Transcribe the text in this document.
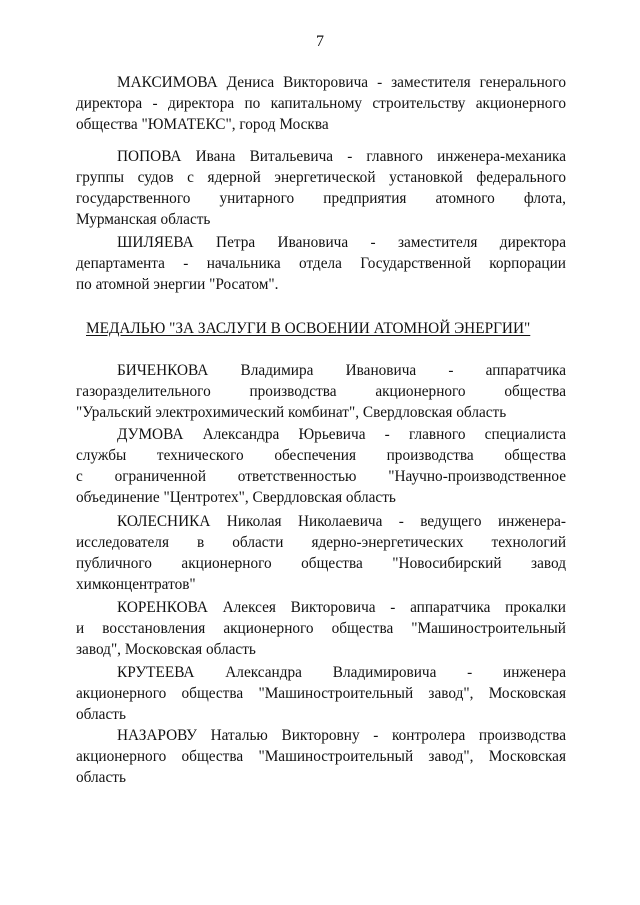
7
МАКСИМОВА Дениса Викторовича - заместителя генерального
директора - директора по капитальному строительству акционерного
общества "ЮМАТЕКС", город Москва
ПОПОВА Ивана Витальевича - главного инженера-механика
группы судов с ядерной энергетической установкой федерального
государственного унитарного предприятия атомного флота,
Мурманская область
ШИЛЯЕВА Петра Ивановича - заместителя директора
департамента - начальника отдела Государственной корпорации
по атомной энергии "Росатом".
МЕДАЛЬЮ "ЗА ЗАСЛУГИ В ОСВОЕНИИ АТОМНОЙ ЭНЕРГИИ"
БИЧЕНКОВА Владимира Ивановича - аппаратчика
газоразделительного производства акционерного общества
"Уральский электрохимический комбинат", Свердловская область
ДУМОВА Александра Юрьевича - главного специалиста
службы технического обеспечения производства общества
с ограниченной ответственностью "Научно-производственное
объединение "Центротех", Свердловская область
КОЛЕСНИКА Николая Николаевича - ведущего инженера-
исследователя в области ядерно-энергетических технологий
публичного акционерного общества "Новосибирский завод
химконцентратов"
КОРЕНКОВА Алексея Викторовича - аппаратчика прокалки
и восстановления акционерного общества "Машиностроительный
завод", Московская область
КРУТЕЕВА Александра Владимировича - инженера
акционерного общества "Машиностроительный завод", Московская
область
НАЗАРОВУ Наталью Викторовну - контролера производства
акционерного общества "Машиностроительный завод", Московская
область
